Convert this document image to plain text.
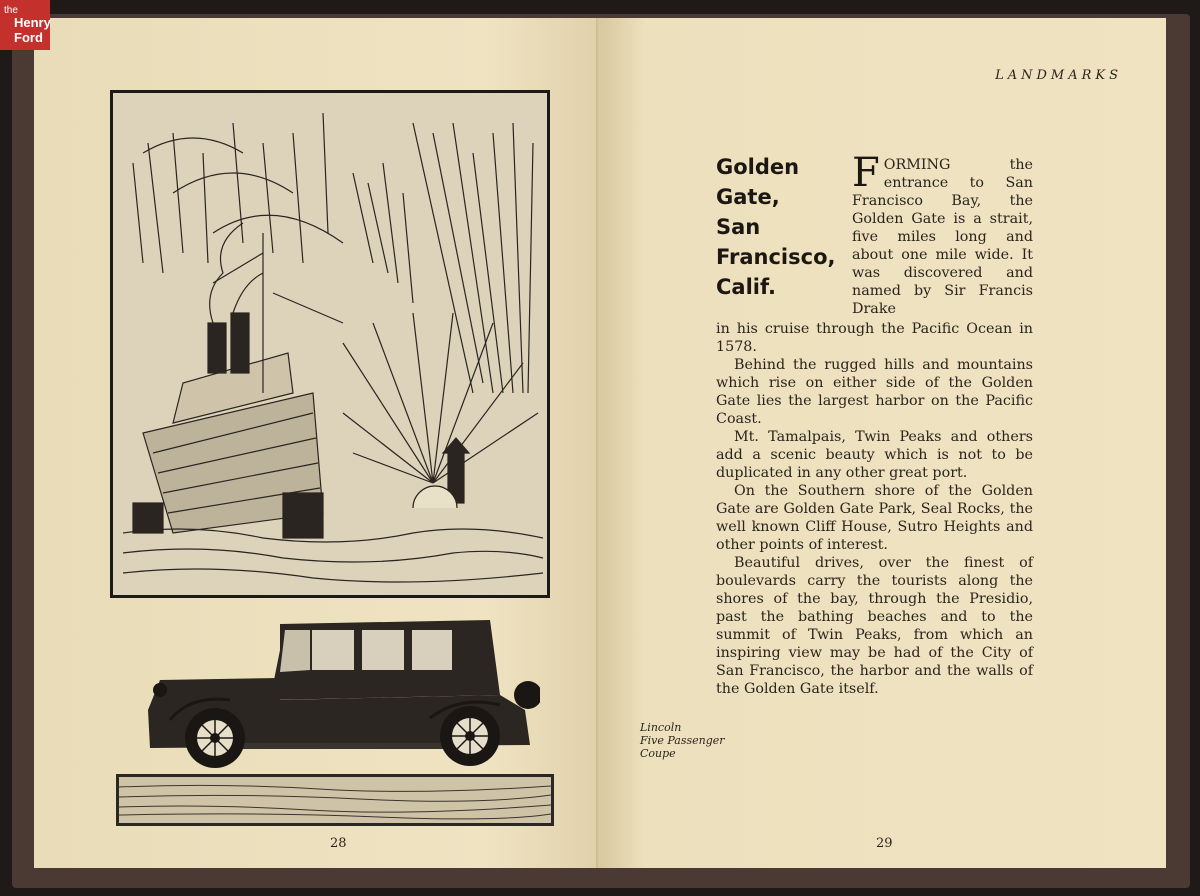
the
Henry
Ford
28
LANDMARKS
Golden
Gate,
San
Francisco,
Calif.
FORMING the entrance to San Francisco Bay, the Golden Gate is a strait, five miles long and about one mile wide. It was discovered and named by Sir Francis Drake

in his cruise through the Pacific Ocean in 1578.

Behind the rugged hills and mountains which rise on either side of the Golden Gate lies the largest harbor on the Pacific Coast.

Mt. Tamalpais, Twin Peaks and others add a scenic beauty which is not to be duplicated in any other great port.

On the Southern shore of the Golden Gate are Golden Gate Park, Seal Rocks, the well known Cliff House, Sutro Heights and other points of interest.

Beautiful drives, over the finest of boulevards carry the tourists along the shores of the bay, through the Presidio, past the bathing beaches and to the summit of Twin Peaks, from which an inspiring view may be had of the City of San Francisco, the harbor and the walls of the Golden Gate itself.

Lincoln
Five Passenger
Coupe
29
